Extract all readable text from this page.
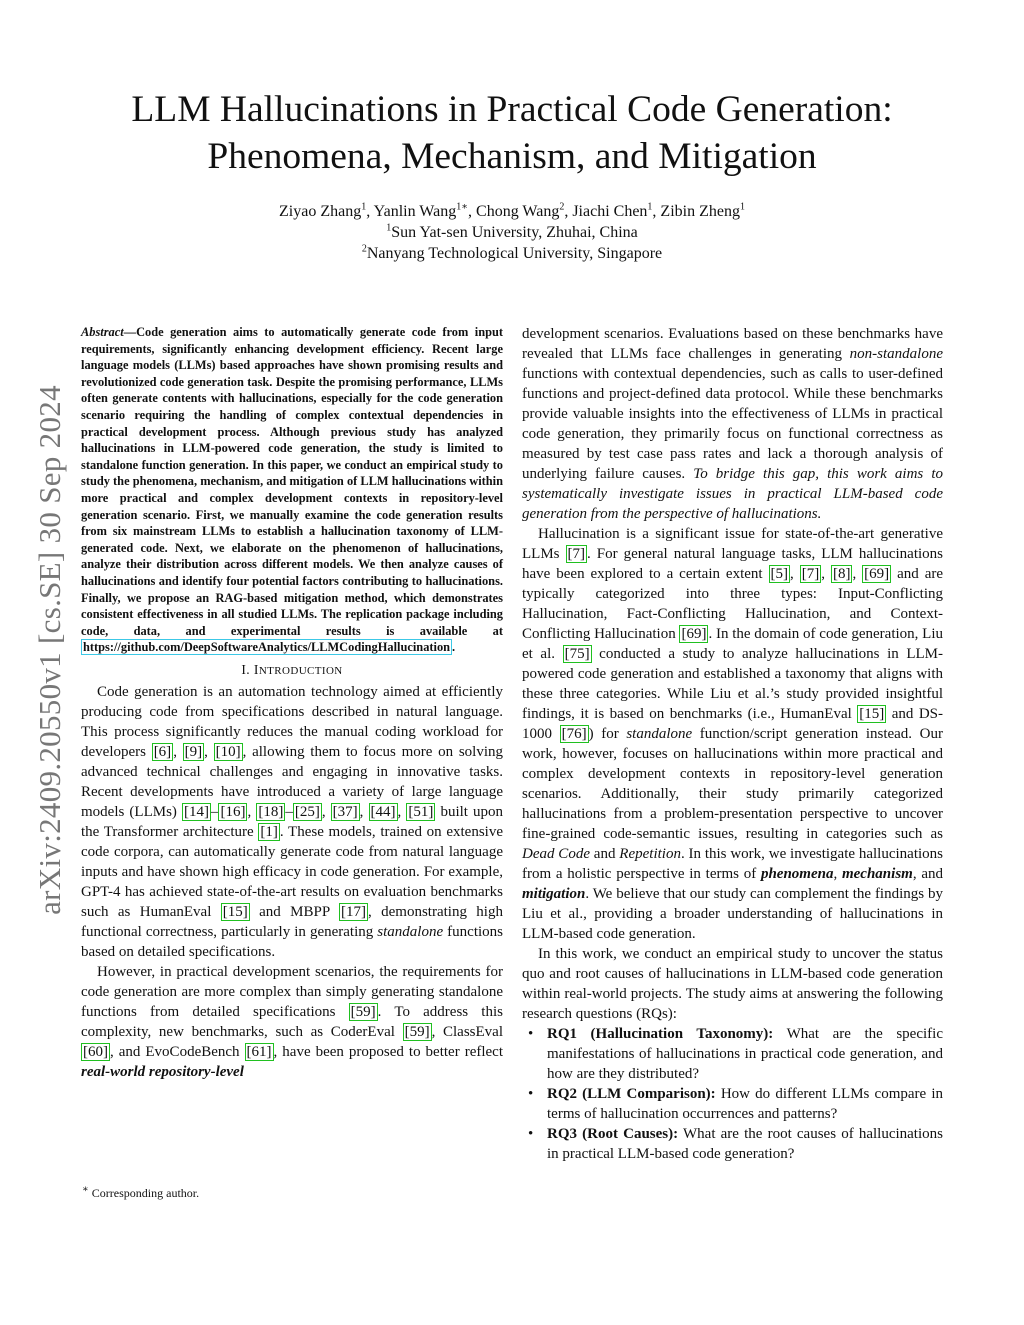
arXiv:2409.20550v1 [cs.SE] 30 Sep 2024
LLM Hallucinations in Practical Code Generation:
Phenomena, Mechanism, and Mitigation
Ziyao Zhang$^1$, Yanlin Wang$^{1∗}$, Chong Wang$^2$, Jiachi Chen$^1$, Zibin Zheng$^1$
$^1$Sun Yat-sen University, Zhuhai, China
$^2$Nanyang Technological University, Singapore

Abstract—Code generation aims to automatically generate code from input requirements, significantly enhancing development efficiency. Recent large language models (LLMs) based approaches have shown promising results and revolutionized code generation task. Despite the promising performance, LLMs often generate contents with hallucinations, especially for the code generation scenario requiring the handling of complex contextual dependencies in practical development process. Although previous study has analyzed hallucinations in LLM-powered code generation, the study is limited to standalone function generation. In this paper, we conduct an empirical study to study the phenomena, mechanism, and mitigation of LLM hallucinations within more practical and complex development contexts in repository-level generation scenario. First, we manually examine the code generation results from six mainstream LLMs to establish a hallucination taxonomy of LLM-generated code. Next, we elaborate on the phenomenon of hallucinations, analyze their distribution across different models. We then analyze causes of hallucinations and identify four potential factors contributing to hallucinations. Finally, we propose an RAG-based mitigation method, which demonstrates consistent effectiveness in all studied LLMs. The replication package including code, data, and experimental results is available at https://github.com/DeepSoftwareAnalytics/LLMCodingHallucination .

I. INTRODUCTION

Code generation is an automation technology aimed at efficiently producing code from specifications described in natural language. This process significantly reduces the manual coding workload for developers [6] , [9] , [10] , allowing them to focus more on solving advanced technical challenges and engaging in innovative tasks. Recent developments have introduced a variety of large language models (LLMs) [14] – [16] , [18] – [25] , [37] , [44] , [51] built upon the Transformer architecture [1] . These models, trained on extensive code corpora, can automatically generate code from natural language inputs and have shown high efficacy in code generation. For example, GPT-4 has achieved state-of-the-art results on evaluation benchmarks such as HumanEval [15] and MBPP [17] , demonstrating high functional correctness, particularly in generating standalone functions based on detailed specifications.

However, in practical development scenarios, the requirements for code generation are more complex than simply generating standalone functions from detailed specifications [59] . To address this complexity, new benchmarks, such as CoderEval [59] , ClassEval [60] , and EvoCodeBench [61] , have been proposed to better reflect real-world repository-level

∗ Corresponding author.

development scenarios. Evaluations based on these benchmarks have revealed that LLMs face challenges in generating non-standalone functions with contextual dependencies, such as calls to user-defined functions and project-defined data protocol. While these benchmarks provide valuable insights into the effectiveness of LLMs in practical code generation, they primarily focus on functional correctness as measured by test case pass rates and lack a thorough analysis of underlying failure causes. To bridge this gap, this work aims to systematically investigate issues in practical LLM-based code generation from the perspective of hallucinations.

Hallucination is a significant issue for state-of-the-art generative LLMs [7] . For general natural language tasks, LLM hallucinations have been explored to a certain extent [5] , [7] , [8] , [69] and are typically categorized into three types: Input-Conflicting Hallucination, Fact-Conflicting Hallucination, and Context-Conflicting Hallucination [69] . In the domain of code generation, Liu et al. [75] conducted a study to analyze hallucinations in LLM-powered code generation and established a taxonomy that aligns with these three categories. While Liu et al.’s study provided insightful findings, it is based on benchmarks (i.e., HumanEval [15] and DS-1000 [76] ) for standalone function/script generation instead. Our work, however, focuses on hallucinations within more practical and complex development contexts in repository-level generation scenarios. Additionally, their study primarily categorized hallucinations from a problem-presentation perspective to uncover fine-grained code-semantic issues, resulting in categories such as Dead Code and Repetition. In this work, we investigate hallucinations from a holistic perspective in terms of phenomena, mechanism, and mitigation. We believe that our study can complement the findings by Liu et al., providing a broader understanding of hallucinations in LLM-based code generation.

In this work, we conduct an empirical study to uncover the status quo and root causes of hallucinations in LLM-based code generation within real-world projects. The study aims at answering the following research questions (RQs):

• RQ1 (Hallucination Taxonomy): What are the specific manifestations of hallucinations in practical code generation, and how are they distributed?
• RQ2 (LLM Comparison): How do different LLMs compare in terms of hallucination occurrences and patterns?
• RQ3 (Root Causes): What are the root causes of hallucinations in practical LLM-based code generation?
